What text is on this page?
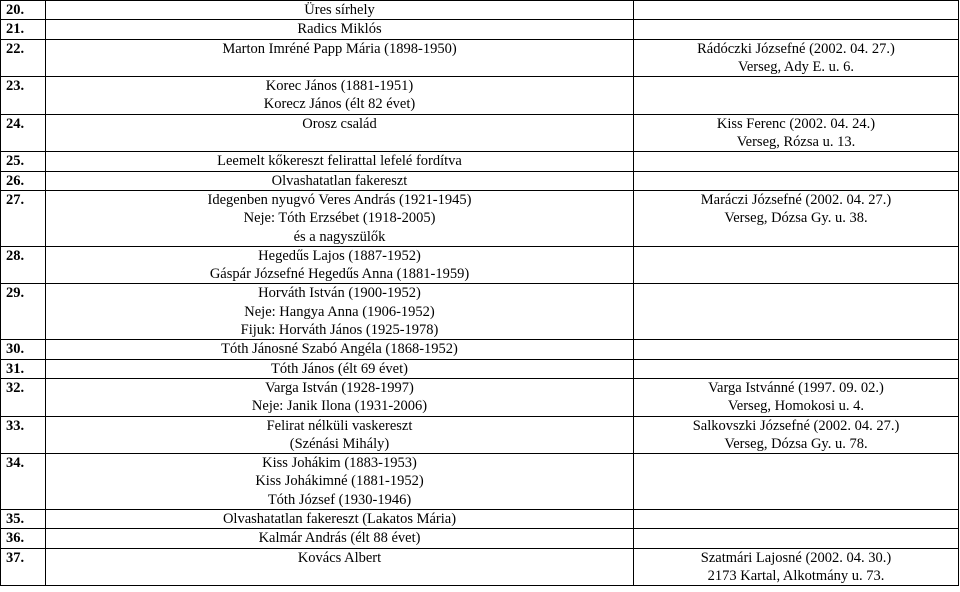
20.	Üres sírhely	

21.	Radics Miklós	

22.	Marton Imréné Papp Mária (1898-1950)	Rádóczki Józsefné (2002. 04. 27.)
Verseg, Ady E. u. 6.

23.	Korec János (1881-1951)
Korecz János (élt 82 évet)	

24.	Orosz család	Kiss Ferenc (2002. 04. 24.)
Verseg, Rózsa u. 13.

25.	Leemelt kőkereszt felirattal lefelé fordítva	

26.	Olvashatatlan fakereszt	

27.	Idegenben nyugvó Veres András (1921-1945)
Neje: Tóth Erzsébet (1918-2005)
és a nagyszülők	Maráczi Józsefné (2002. 04. 27.)
Verseg, Dózsa Gy. u. 38.

28.	Hegedűs Lajos (1887-1952)
Gáspár Józsefné Hegedűs Anna (1881-1959)	

29.	Horváth István (1900-1952)
Neje: Hangya Anna (1906-1952)
Fijuk: Horváth János (1925-1978)	

30.	Tóth Jánosné Szabó Angéla (1868-1952)	

31.	Tóth János (élt 69 évet)	

32.	Varga István (1928-1997)
Neje: Janik Ilona (1931-2006)	Varga Istvánné (1997. 09. 02.)
Verseg, Homokosi u. 4.

33.	Felirat nélküli vaskereszt
(Szénási Mihály)	Salkovszki Józsefné (2002. 04. 27.)
Verseg, Dózsa Gy. u. 78.

34.	Kiss Johákim (1883-1953)
Kiss Johákimné (1881-1952)
Tóth József (1930-1946)	

35.	Olvashatatlan fakereszt (Lakatos Mária)	

36.	Kalmár András (élt 88 évet)	

37.	Kovács Albert	Szatmári Lajosné (2002. 04. 30.)
2173 Kartal, Alkotmány u. 73.
